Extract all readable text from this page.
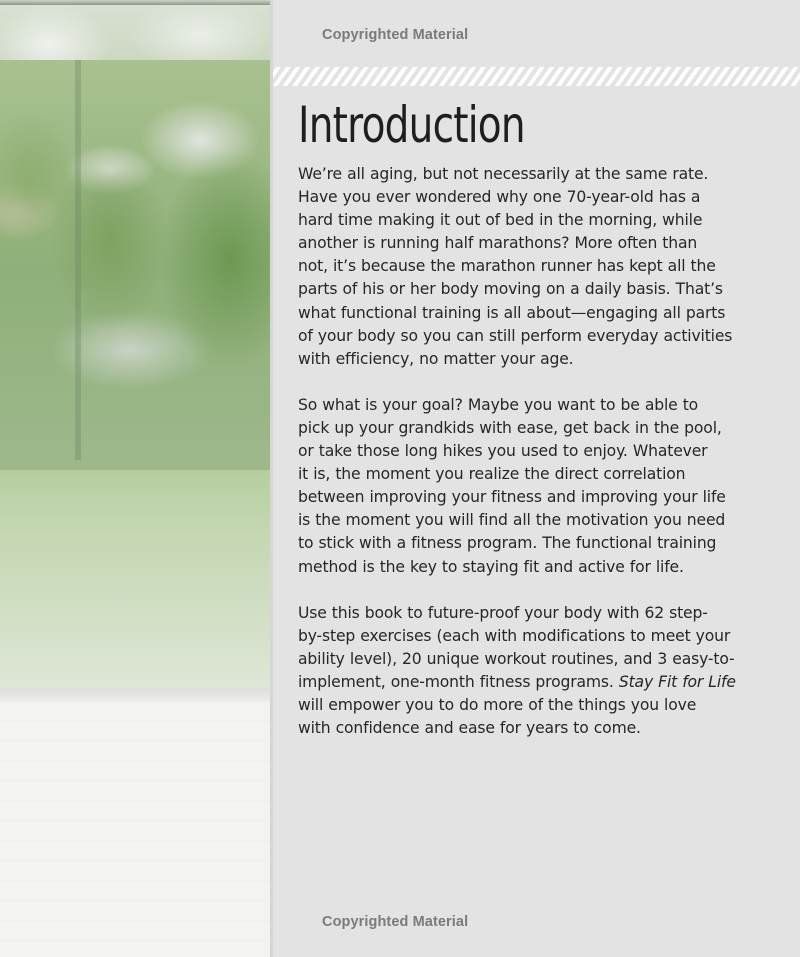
Copyrighted Material
Introduction

We’re all aging, but not necessarily at the same rate.
Have you ever wondered why one 70-year-old has a
hard time making it out of bed in the morning, while
another is running half marathons? More often than
not, it’s because the marathon runner has kept all the
parts of his or her body moving on a daily basis. That’s
what functional training is all about—engaging all parts
of your body so you can still perform everyday activities
with efficiency, no matter your age.

So what is your goal? Maybe you want to be able to
pick up your grandkids with ease, get back in the pool,
or take those long hikes you used to enjoy. Whatever
it is, the moment you realize the direct correlation
between improving your fitness and improving your life
is the moment you will find all the motivation you need
to stick with a fitness program. The functional training
method is the key to staying fit and active for life.

Use this book to future-proof your body with 62 step-
by-step exercises (each with modifications to meet your
ability level), 20 unique workout routines, and 3 easy-to-
implement, one-month fitness programs. Stay Fit for Life
will empower you to do more of the things you love
with confidence and ease for years to come.

Copyrighted Material
